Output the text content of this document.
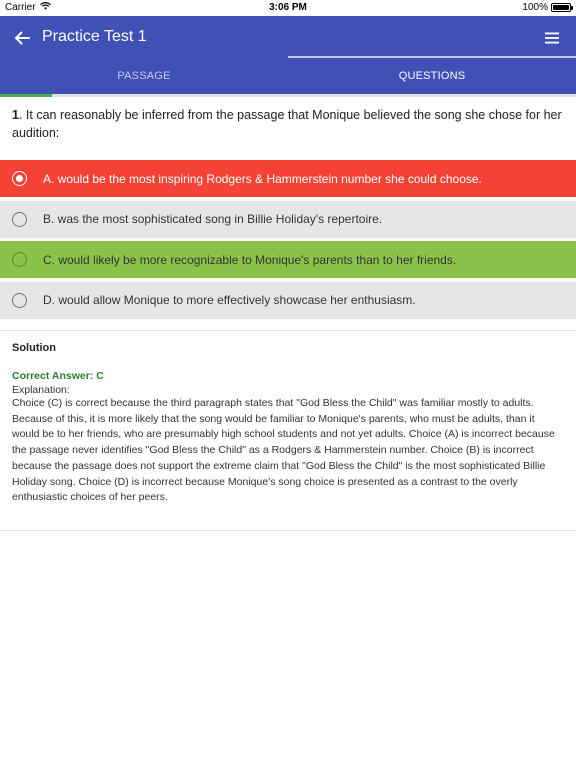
Carrier	3:06 PM	100%
Practice Test 1
PASSAGE	QUESTIONS
1. It can reasonably be inferred from the passage that Monique believed the song she chose for her audition:
A. would be the most inspiring Rodgers & Hammerstein number she could choose.
B. was the most sophisticated song in Billie Holiday's repertoire.
C. would likely be more recognizable to Monique's parents than to her friends.
D. would allow Monique to more effectively showcase her enthusiasm.
Solution
Correct Answer: C
Explanation:
Choice (C) is correct because the third paragraph states that "God Bless the Child" was familiar mostly to adults. Because of this, it is more likely that the song would be familiar to Monique's parents, who must be adults, than it would be to her friends, who are presumably high school students and not yet adults. Choice (A) is incorrect because the passage never identifies "God Bless the Child" as a Rodgers & Hammerstein number. Choice (B) is incorrect because the passage does not support the extreme claim that "God Bless the Child" is the most sophisticated Billie Holiday song. Choice (D) is incorrect because Monique's song choice is presented as a contrast to the overly enthusiastic choices of her peers.
